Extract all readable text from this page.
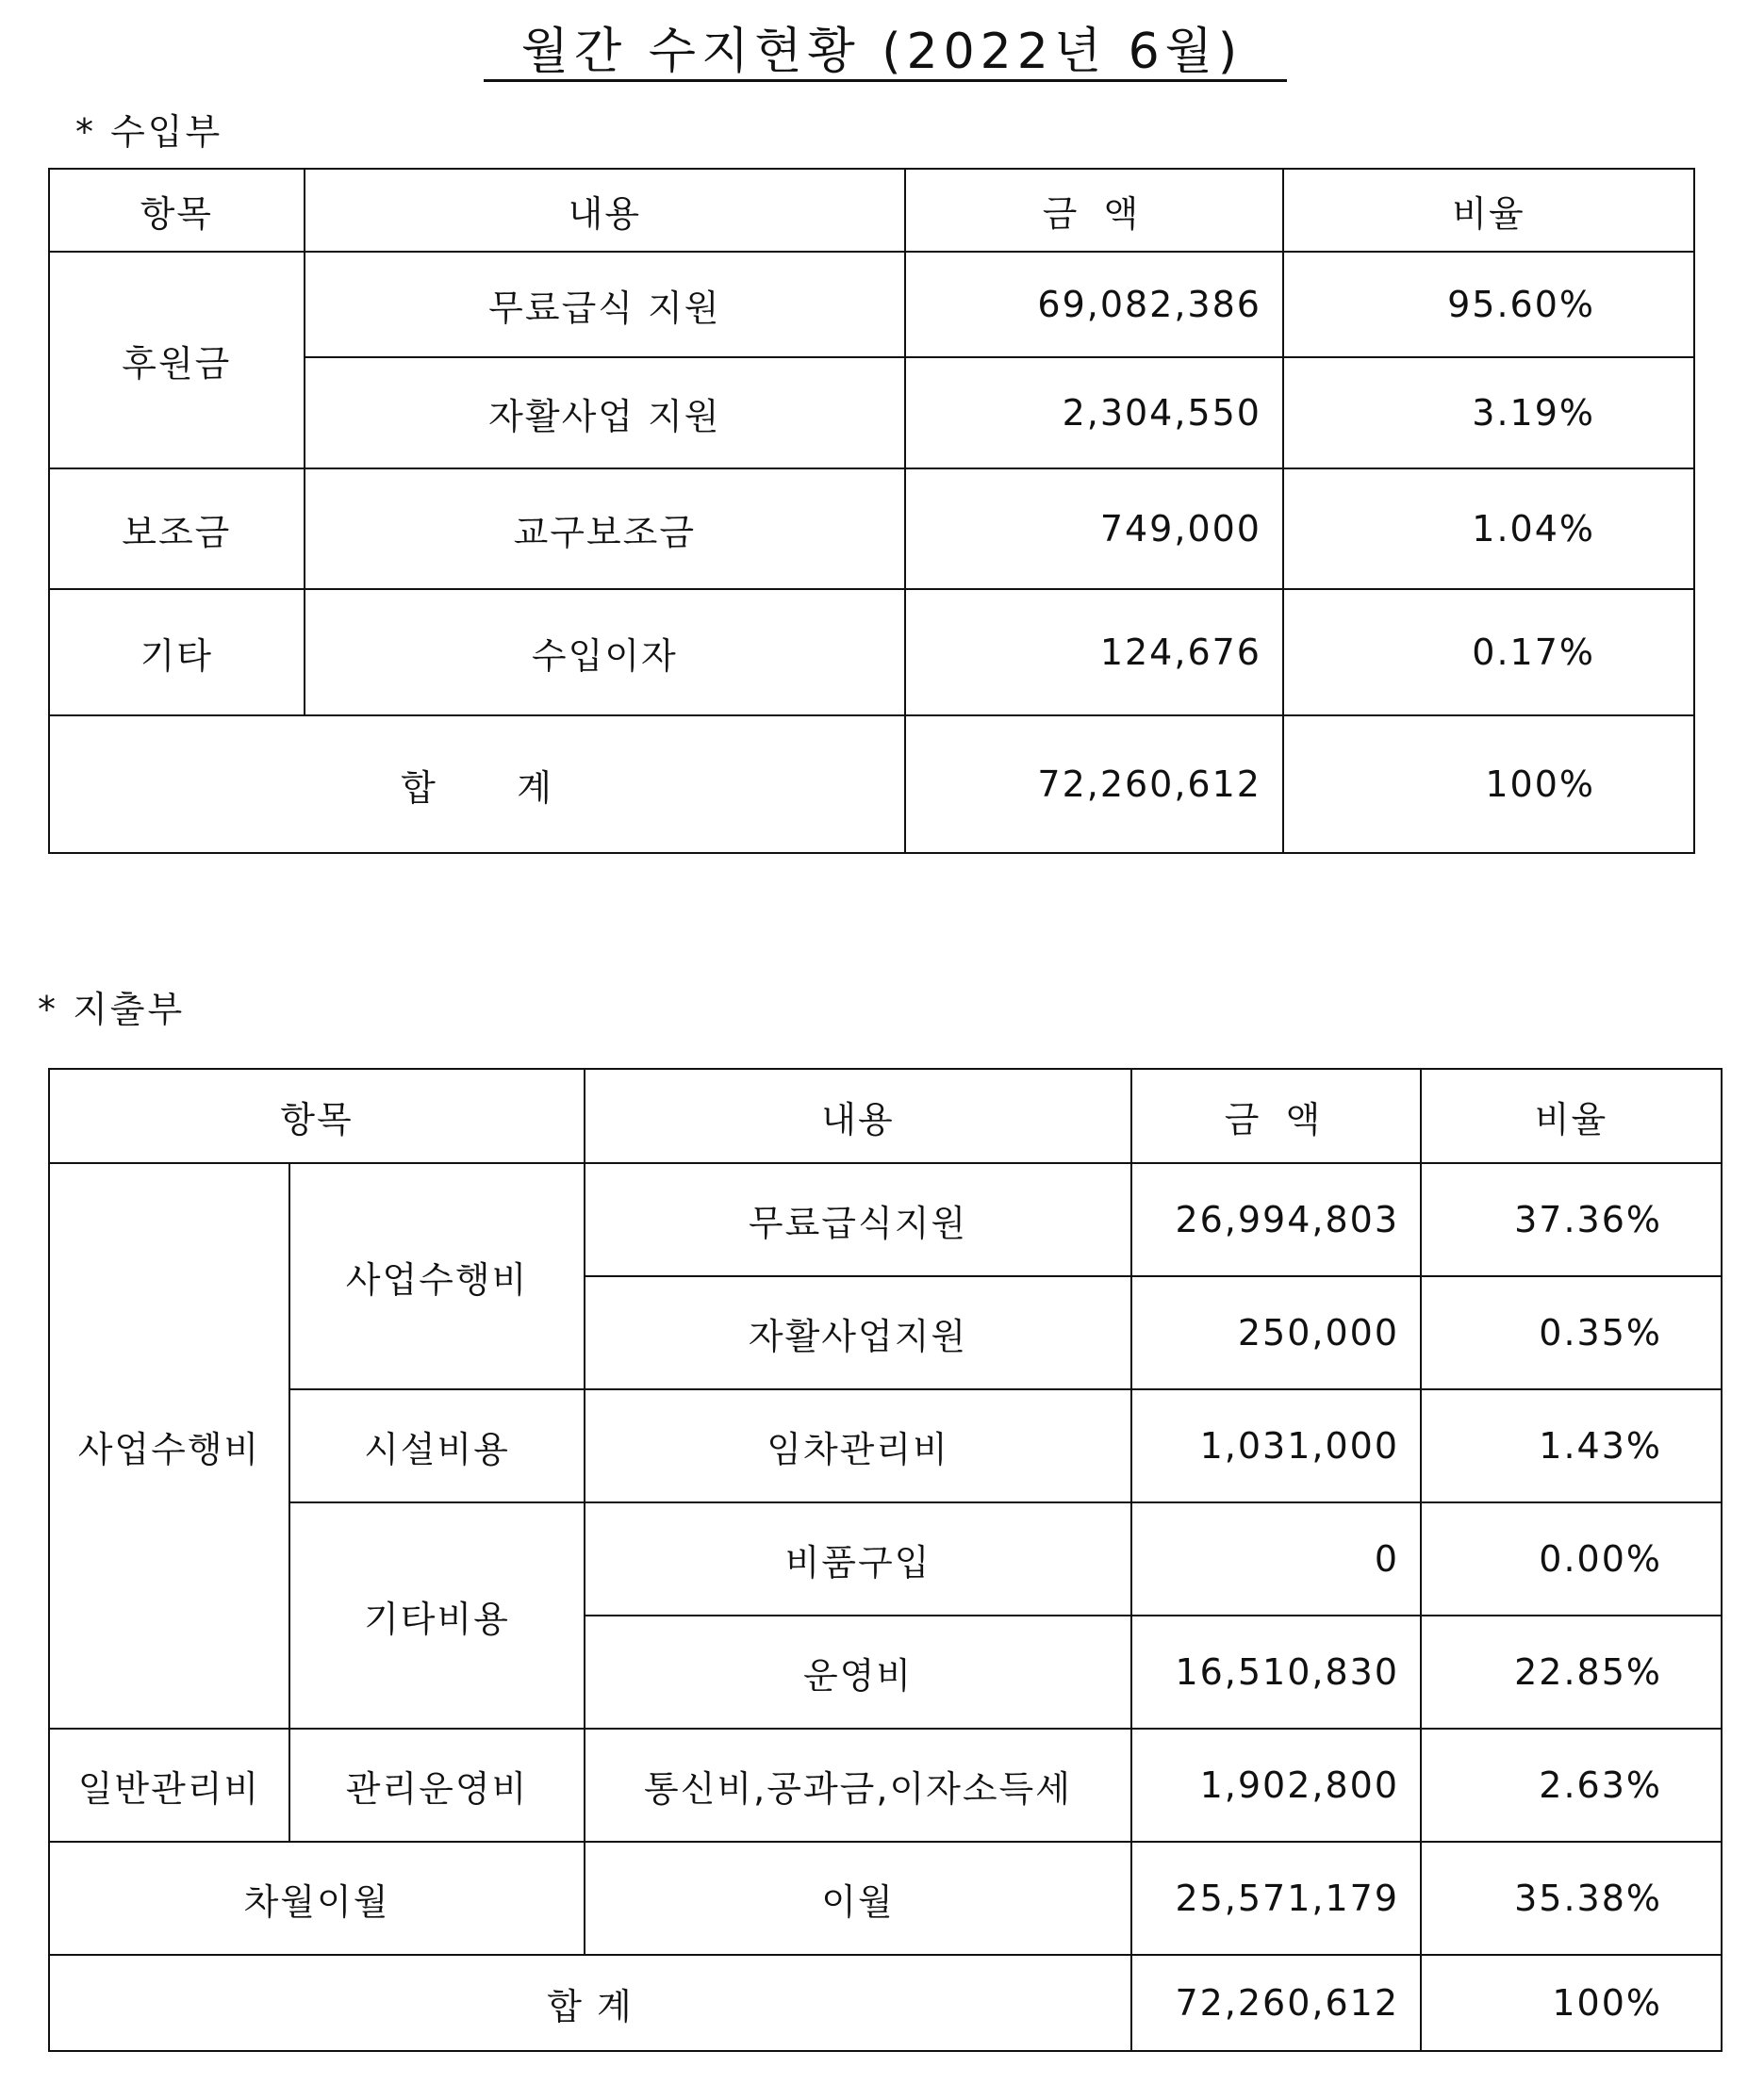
월간 수지현황 (2022년 6월)
* 수입부
항목	내용	금 액	비율
후원금	무료급식 지원	69,082,386	95.60%
	자활사업 지원	2,304,550	3.19%
보조금	교구보조금	749,000	1.04%
기타	수입이자	124,676	0.17%
합      계		72,260,612	100%
* 지출부
항목		내용	금 액	비율
사업수행비	사업수행비	무료급식지원	26,994,803	37.36%
		자활사업지원	250,000	0.35%
	시설비용	임차관리비	1,031,000	1.43%
	기타비용	비품구입	0	0.00%
		운영비	16,510,830	22.85%
일반관리비	관리운영비	통신비,공과금,이자소득세	1,902,800	2.63%
차월이월		이월	25,571,179	35.38%
합 계			72,260,612	100%
